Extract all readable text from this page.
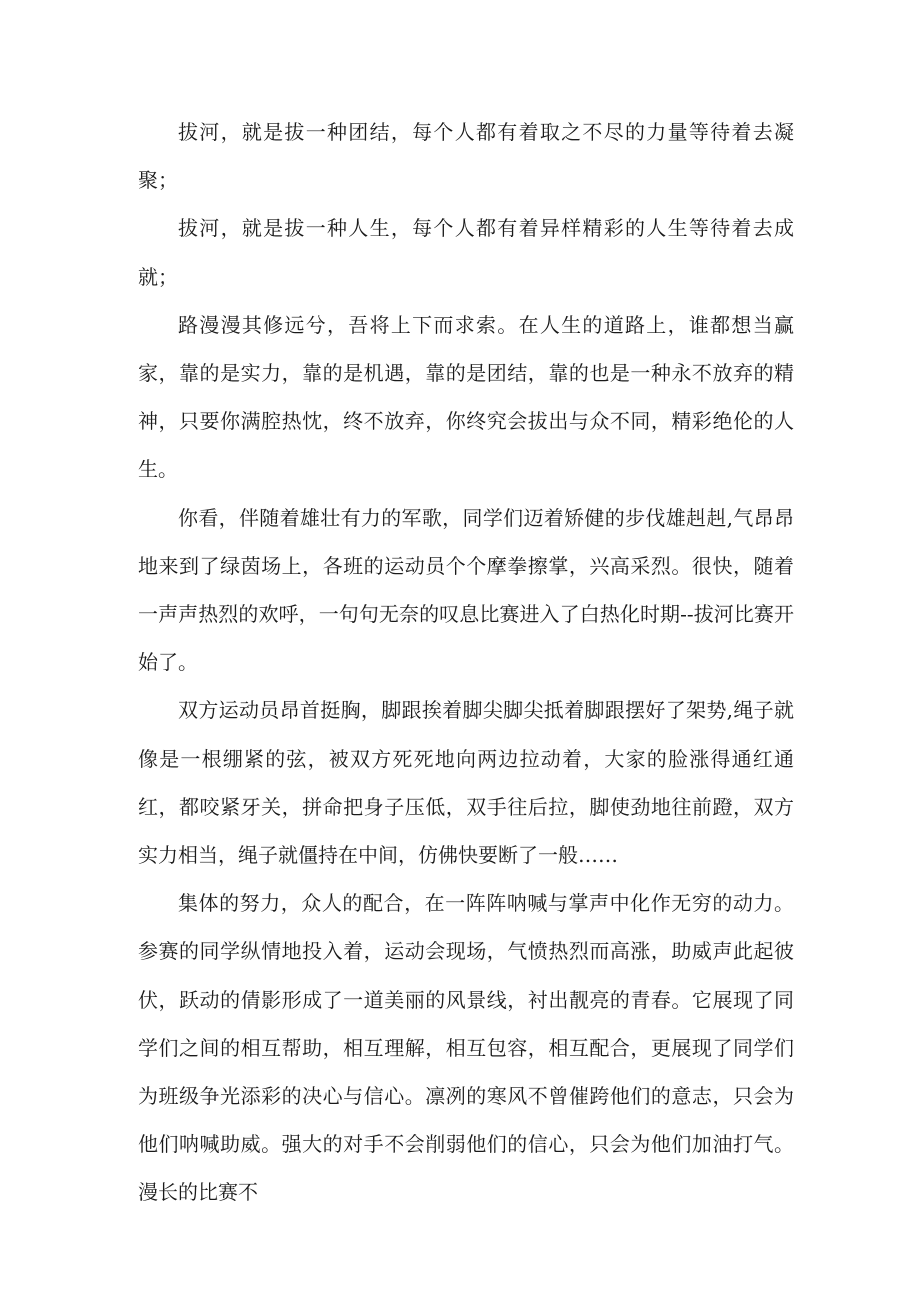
拔河，就是拔一种团结，每个人都有着取之不尽的力量等待着去凝聚；

拔河，就是拔一种人生，每个人都有着异样精彩的人生等待着去成就；

路漫漫其修远兮，吾将上下而求索。在人生的道路上，谁都想当赢家，靠的是实力，靠的是机遇，靠的是团结，靠的也是一种永不放弃的精神，只要你满腔热忱，终不放弃，你终究会拔出与众不同，精彩绝伦的人生。

你看，伴随着雄壮有力的军歌，同学们迈着矫健的步伐雄赳赳,气昂昂地来到了绿茵场上，各班的运动员个个摩拳擦掌，兴高采烈。很快，随着一声声热烈的欢呼，一句句无奈的叹息比赛进入了白热化时期--拔河比赛开始了。

双方运动员昂首挺胸，脚跟挨着脚尖脚尖抵着脚跟摆好了架势,绳子就像是一根绷紧的弦，被双方死死地向两边拉动着，大家的脸涨得通红通红，都咬紧牙关，拼命把身子压低，双手往后拉，脚使劲地往前蹬，双方实力相当，绳子就僵持在中间，仿佛快要断了一般……

集体的努力，众人的配合，在一阵阵呐喊与掌声中化作无穷的动力。参赛的同学纵情地投入着，运动会现场，气愤热烈而高涨，助威声此起彼伏，跃动的倩影形成了一道美丽的风景线，衬出靓亮的青春。它展现了同学们之间的相互帮助，相互理解，相互包容，相互配合，更展现了同学们为班级争光添彩的决心与信心。凛冽的寒风不曾催跨他们的意志，只会为他们呐喊助威。强大的对手不会削弱他们的信心，只会为他们加油打气。漫长的比赛不
